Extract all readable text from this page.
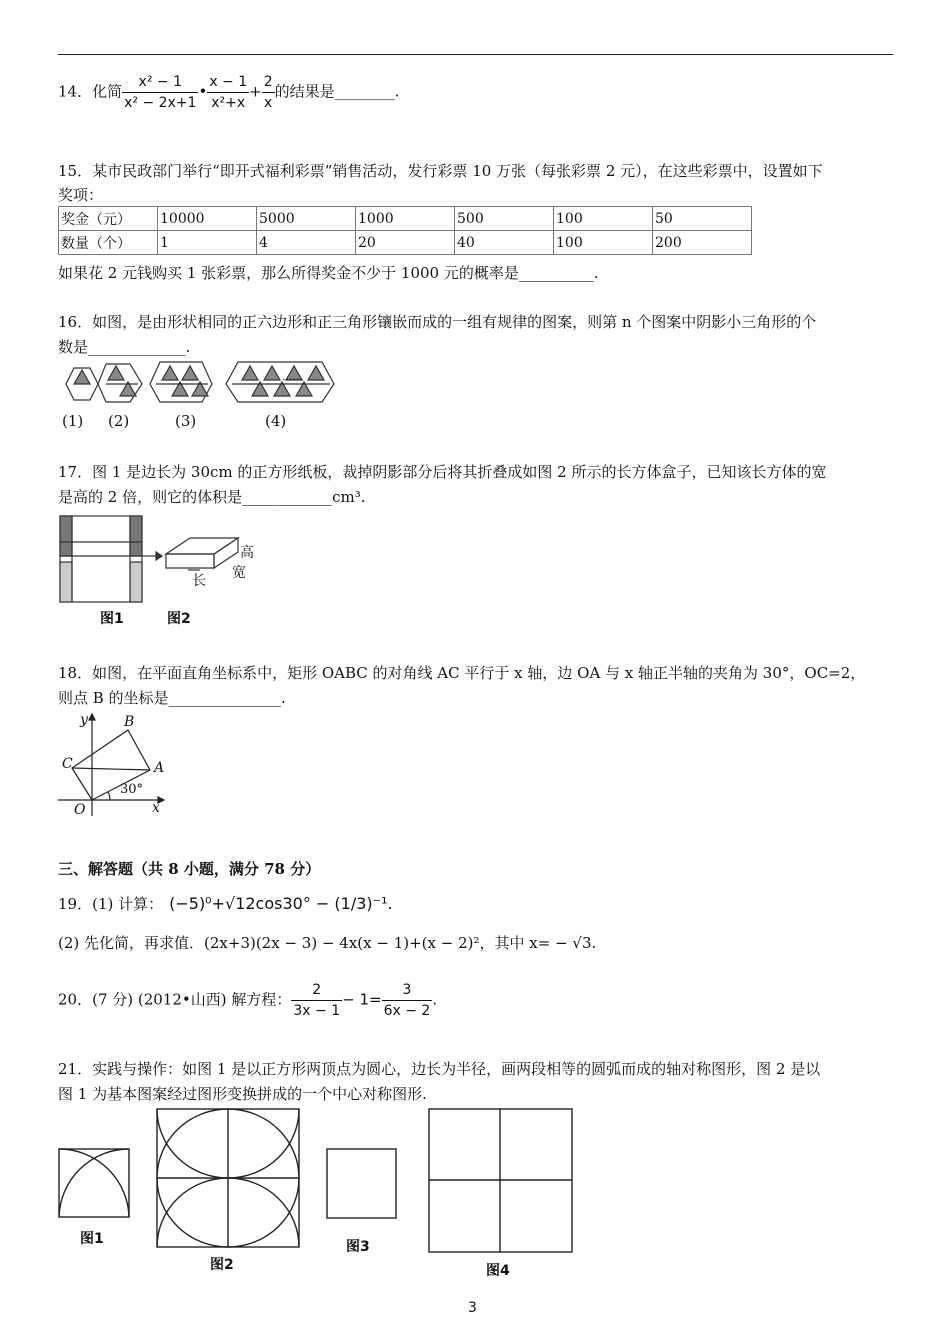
14．化简 $\frac{\text{x² − 1}}{\text{x² − 2x+1}}$ • $\frac{x - 1}{\text{x²+x}} + \frac{2}{x}$ 的结果是________.
15．某市民政部门举行“即开式福利彩票”销售活动，发行彩票 10 万张（每张彩票 2 元），在这些彩票中，设置如下
奖项：
奖金（元）	10000	5000	1000	500	100	50
数量（个）	1	4	20	40	100	200
如果花 2 元钱购买 1 张彩票，那么所得奖金不少于 1000 元的概率是__________.
16．如图，是由形状相同的正六边形和正三角形镶嵌而成的一组有规律的图案，则第 n 个图案中阴影小三角形的个
数是_____________.
......
(1) (2)	(3)	(4)
17．图 1 是边长为 30cm 的正方形纸板，裁掉阴影部分后将其折叠成如图 2 所示的长方体盒子，已知该长方体的宽
是高的 2 倍，则它的体积是____________cm³.
高
宽
长
图1	图2
18．如图，在平面直角坐标系中，矩形 OABC 的对角线 AC 平行于 x 轴，边 OA 与 x 轴正半轴的夹角为 30°，OC=2，
则点 B 的坐标是_______________.
y	B
C	A
O	x
30°
三、解答题（共 8 小题，满分 78 分）
19．(1) 计算： (−5)⁰+√12cos30° − (1/3)⁻¹.
(2) 先化简，再求值．(2x+3)(2x − 3) − 4x(x − 1)+(x − 2)²，其中 x= − √3.
20．(7 分) (2012•山西) 解方程： $\frac{2}{3x - 1} - 1= \frac{3}{6x - 2}$ .
21．实践与操作：如图 1 是以正方形两顶点为圆心，边长为半径，画两段相等的圆弧而成的轴对称图形，图 2 是以
图 1 为基本图案经过图形变换拼成的一个中心对称图形.
图1
图2
图3
图4
3
